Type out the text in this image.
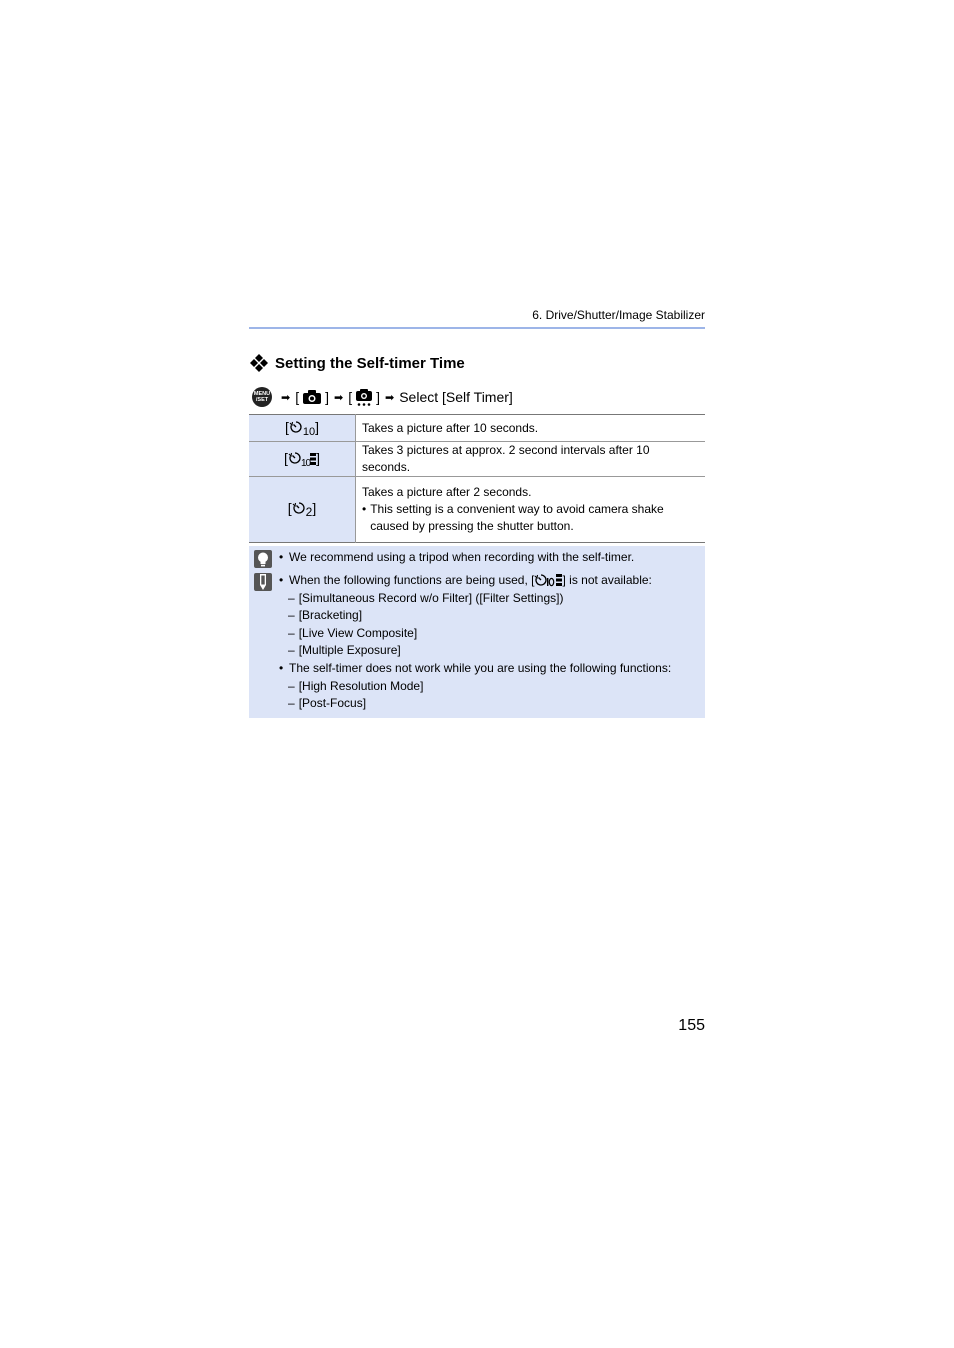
6. Drive/Shutter/Image Stabilizer
Setting the Self-timer Time
MENU
/SET ➡ [ ] ➡ [ ] ➡ Select [Self Timer]
[ 10]	Takes a picture after 10 seconds.
[ $_{10}$ ]	Takes 3 pictures at approx. 2 second intervals after 10 seconds.
[ 2]	Takes a picture after 2 seconds.
• This setting is a convenient way to avoid camera shake caused by pressing the shutter button.
• We recommend using a tripod when recording with the self-timer.
• When the following functions are being used, [ ] is not available:
– [Simultaneous Record w/o Filter] ([Filter Settings])
– [Bracketing]
– [Live View Composite]
– [Multiple Exposure]
• The self-timer does not work while you are using the following functions:
– [High Resolution Mode]
– [Post-Focus]
155
